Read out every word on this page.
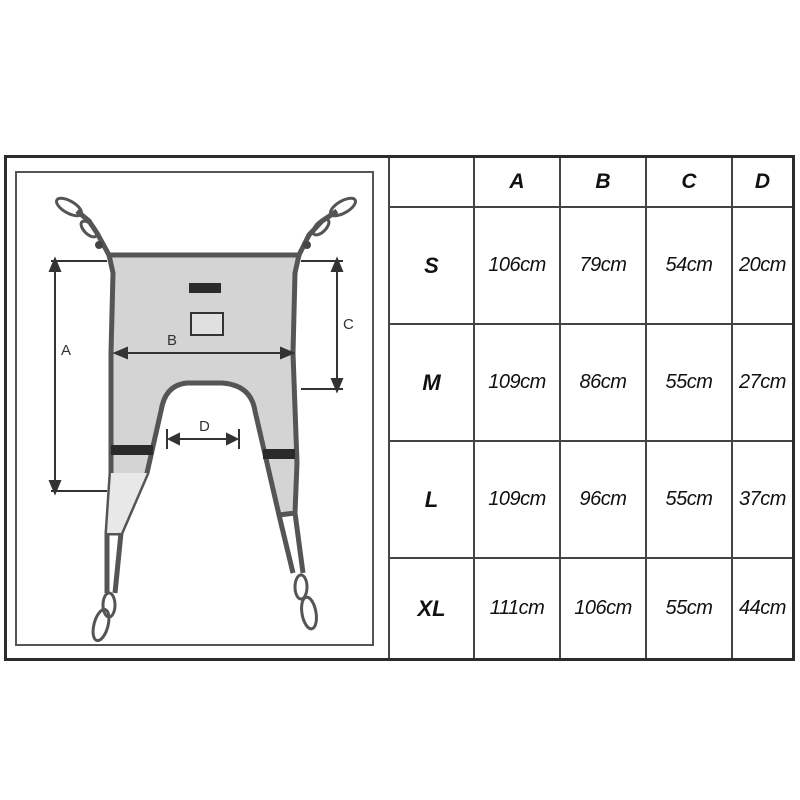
A
B
C
D
	A	B	C	D
S	106cm	79cm	54cm	20cm
M	109cm	86cm	55cm	27cm
L	109cm	96cm	55cm	37cm
XL	111cm	106cm	55cm	44cm
